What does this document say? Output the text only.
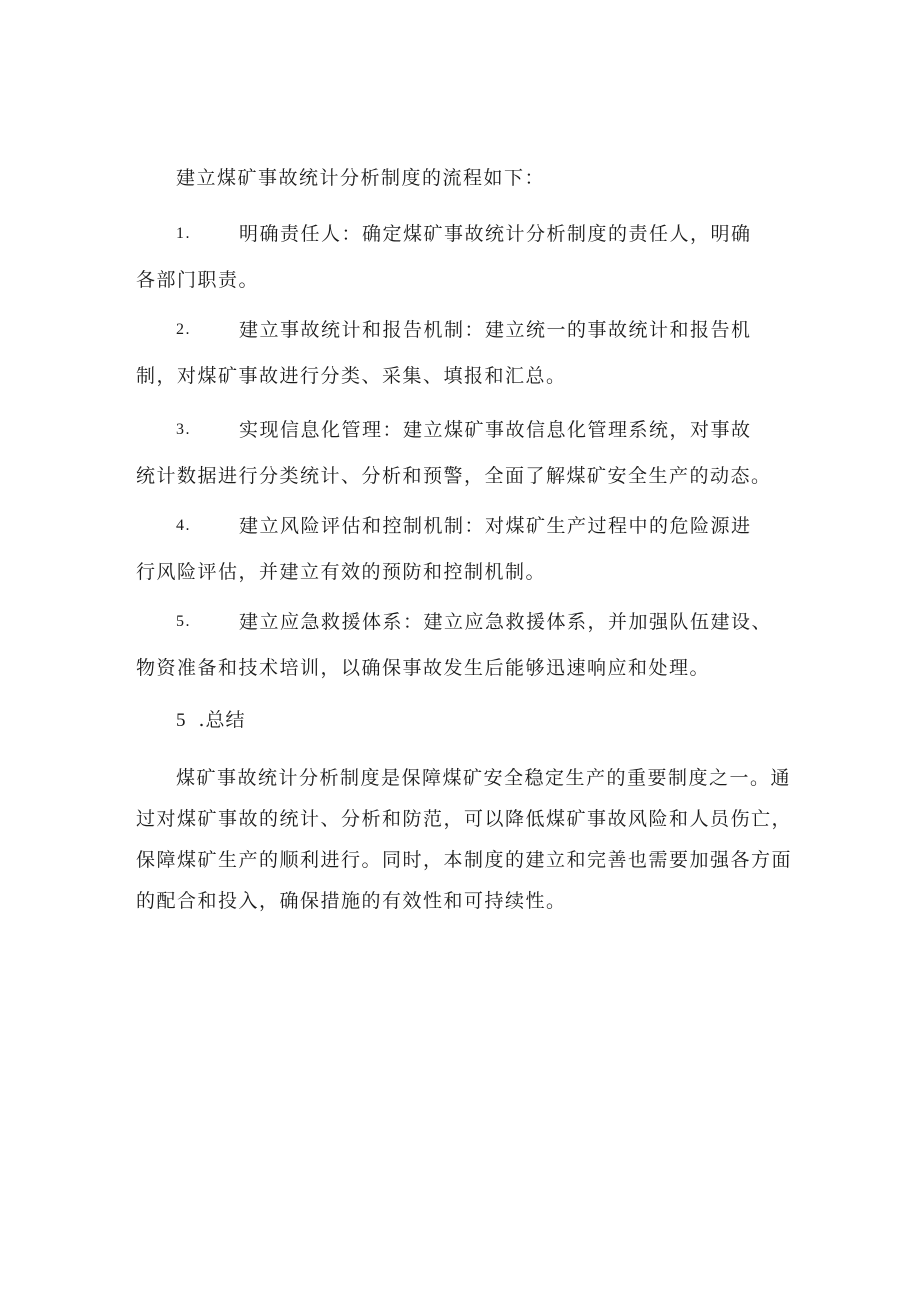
建立煤矿事故统计分析制度的流程如下：
1.	明确责任人：确定煤矿事故统计分析制度的责任人，明确
各部门职责。
2.	建立事故统计和报告机制：建立统一的事故统计和报告机
制，对煤矿事故进行分类、采集、填报和汇总。
3.	实现信息化管理：建立煤矿事故信息化管理系统，对事故
统计数据进行分类统计、分析和预警，全面了解煤矿安全生产的动态。
4.	建立风险评估和控制机制：对煤矿生产过程中的危险源进
行风险评估，并建立有效的预防和控制机制。
5.	建立应急救援体系：建立应急救援体系，并加强队伍建设、
物资准备和技术培训，以确保事故发生后能够迅速响应和处理。
5 .总结
煤矿事故统计分析制度是保障煤矿安全稳定生产的重要制度之一。通
过对煤矿事故的统计、分析和防范，可以降低煤矿事故风险和人员伤亡，
保障煤矿生产的顺利进行。同时，本制度的建立和完善也需要加强各方面
的配合和投入，确保措施的有效性和可持续性。
